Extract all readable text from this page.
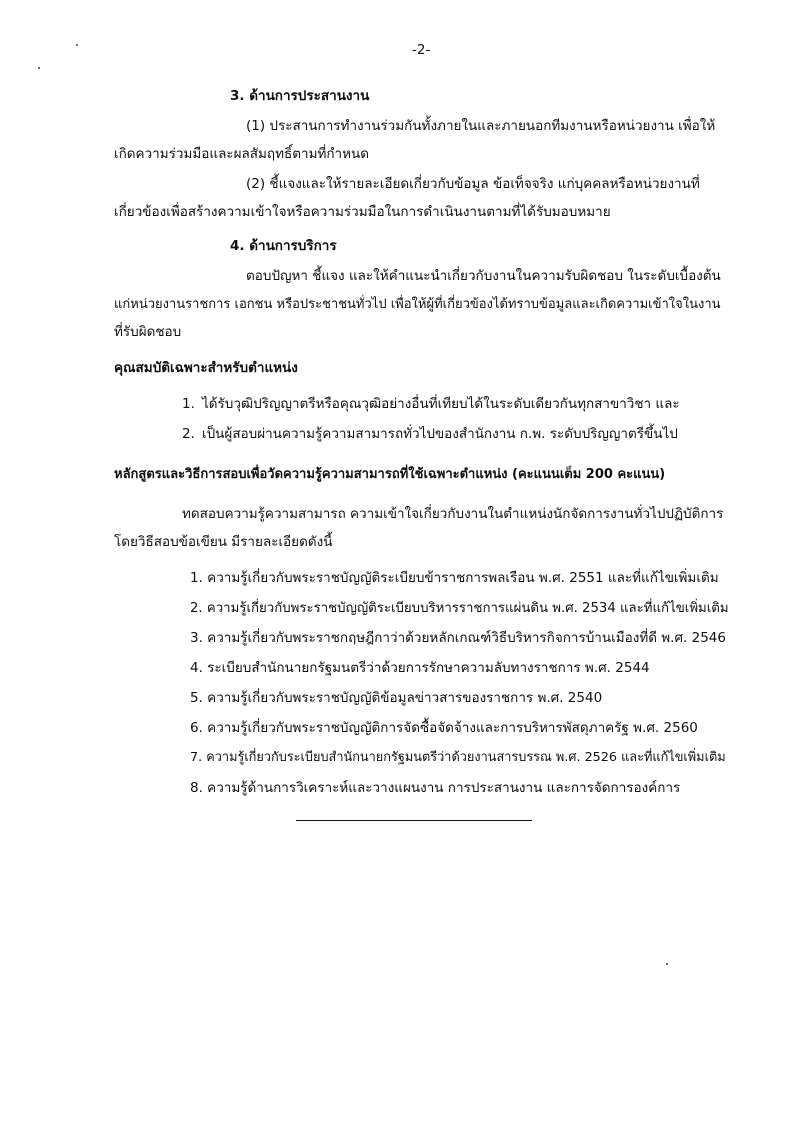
-2-
3. ด้านการประสานงาน
(1) ประสานการทำงานร่วมกันทั้งภายในและภายนอกทีมงานหรือหน่วยงาน เพื่อให้
เกิดความร่วมมือและผลสัมฤทธิ์ตามที่กำหนด
(2) ชี้แจงและให้รายละเอียดเกี่ยวกับข้อมูล ข้อเท็จจริง แก่บุคคลหรือหน่วยงานที่
เกี่ยวข้องเพื่อสร้างความเข้าใจหรือความร่วมมือในการดำเนินงานตามที่ได้รับมอบหมาย
4. ด้านการบริการ
ตอบปัญหา ชี้แจง และให้คำแนะนำเกี่ยวกับงานในความรับผิดชอบ ในระดับเบื้องต้น
แก่หน่วยงานราชการ เอกชน หรือประชาชนทั่วไป เพื่อให้ผู้ที่เกี่ยวข้องได้ทราบข้อมูลและเกิดความเข้าใจในงาน
ที่รับผิดชอบ
คุณสมบัติเฉพาะสำหรับตำแหน่ง
1. ได้รับวุฒิปริญญาตรีหรือคุณวุฒิอย่างอื่นที่เทียบได้ในระดับเดียวกันทุกสาขาวิชา และ
2. เป็นผู้สอบผ่านความรู้ความสามารถทั่วไปของสำนักงาน ก.พ. ระดับปริญญาตรีขึ้นไป
หลักสูตรและวิธีการสอบเพื่อวัดความรู้ความสามารถที่ใช้เฉพาะตำแหน่ง (คะแนนเต็ม 200 คะแนน)
ทดสอบความรู้ความสามารถ ความเข้าใจเกี่ยวกับงานในตำแหน่งนักจัดการงานทั่วไปปฏิบัติการ
โดยวิธีสอบข้อเขียน มีรายละเอียดดังนี้
1. ความรู้เกี่ยวกับพระราชบัญญัติระเบียบข้าราชการพลเรือน พ.ศ. 2551 และที่แก้ไขเพิ่มเติม
2. ความรู้เกี่ยวกับพระราชบัญญัติระเบียบบริหารราชการแผ่นดิน พ.ศ. 2534 และที่แก้ไขเพิ่มเติม
3. ความรู้เกี่ยวกับพระราชกฤษฎีกาว่าด้วยหลักเกณฑ์วิธีบริหารกิจการบ้านเมืองที่ดี พ.ศ. 2546
4. ระเบียบสำนักนายกรัฐมนตรีว่าด้วยการรักษาความลับทางราชการ พ.ศ. 2544
5. ความรู้เกี่ยวกับพระราชบัญญัติข้อมูลข่าวสารของราชการ พ.ศ. 2540
6. ความรู้เกี่ยวกับพระราชบัญญัติการจัดซื้อจัดจ้างและการบริหารพัสดุภาครัฐ พ.ศ. 2560
7. ความรู้เกี่ยวกับระเบียบสำนักนายกรัฐมนตรีว่าด้วยงานสารบรรณ พ.ศ. 2526 และที่แก้ไขเพิ่มเติม
8. ความรู้ด้านการวิเคราะห์และวางแผนงาน การประสานงาน และการจัดการองค์การ
